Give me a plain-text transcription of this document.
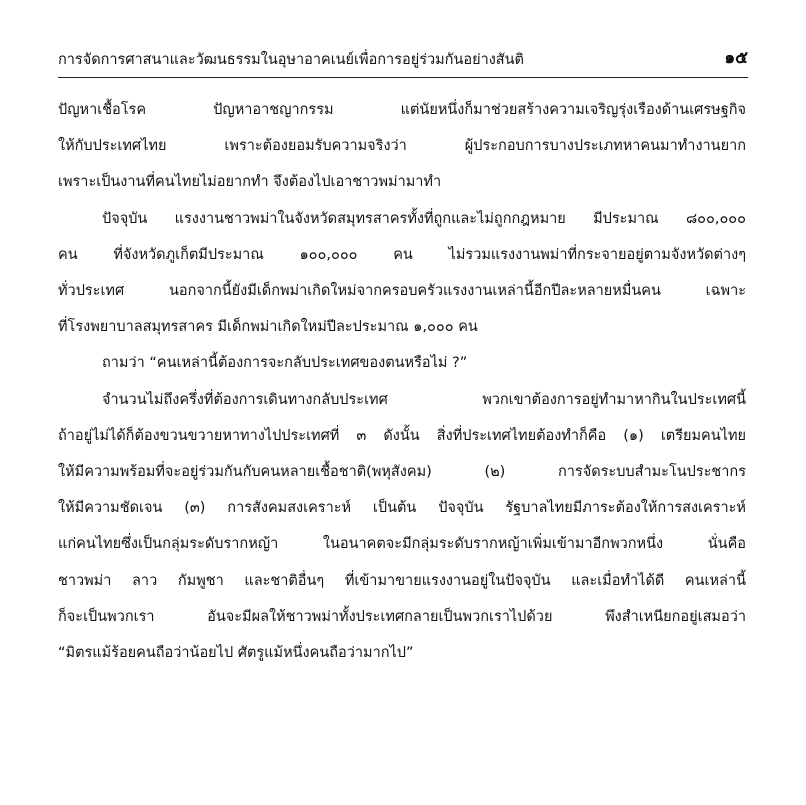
การจัดการศาสนาและวัฒนธรรมในอุษาอาคเนย์เพื่อการอยู่ร่วมกันอย่างสันติ	๑๕

ปัญหาเชื้อโรค ปัญหาอาชญากรรม แต่นัยหนึ่งก็มาช่วยสร้างความเจริญรุ่งเรืองด้านเศรษฐกิจ
ให้กับประเทศไทย เพราะต้องยอมรับความจริงว่า ผู้ประกอบการบางประเภทหาคนมาทำงานยาก
เพราะเป็นงานที่คนไทยไม่อยากทำ จึงต้องไปเอาชาวพม่ามาทำ

ปัจจุบัน แรงงานชาวพม่าในจังหวัดสมุทรสาครทั้งที่ถูกและไม่ถูกกฎหมาย มีประมาณ ๘๐๐,๐๐๐
คน ที่จังหวัดภูเก็ตมีประมาณ ๑๐๐,๐๐๐ คน ไม่รวมแรงงานพม่าที่กระจายอยู่ตามจังหวัดต่างๆ
ทั่วประเทศ นอกจากนี้ยังมีเด็กพม่าเกิดใหม่จากครอบครัวแรงงานเหล่านี้อีกปีละหลายหมื่นคน เฉพาะ
ที่โรงพยาบาลสมุทรสาคร มีเด็กพม่าเกิดใหม่ปีละประมาณ ๑,๐๐๐ คน

ถามว่า “คนเหล่านี้ต้องการจะกลับประเทศของตนหรือไม่ ?”

จำนวนไม่ถึงครึ่งที่ต้องการเดินทางกลับประเทศ พวกเขาต้องการอยู่ทำมาหากินในประเทศนี้
ถ้าอยู่ไม่ได้ก็ต้องขวนขวายหาทางไปประเทศที่ ๓ ดังนั้น สิ่งที่ประเทศไทยต้องทำก็คือ (๑) เตรียมคนไทย
ให้มีความพร้อมที่จะอยู่ร่วมกันกับคนหลายเชื้อชาติ(พหุสังคม) (๒) การจัดระบบสำมะโนประชากร
ให้มีความชัดเจน (๓) การสังคมสงเคราะห์ เป็นต้น ปัจจุบัน รัฐบาลไทยมีภาระต้องให้การสงเคราะห์
แก่คนไทยซึ่งเป็นกลุ่มระดับรากหญ้า ในอนาคตจะมีกลุ่มระดับรากหญ้าเพิ่มเข้ามาอีกพวกหนึ่ง นั่นคือ
ชาวพม่า ลาว กัมพูชา และชาติอื่นๆ ที่เข้ามาขายแรงงานอยู่ในปัจจุบัน และเมื่อทำได้ดี คนเหล่านี้
ก็จะเป็นพวกเรา อันจะมีผลให้ชาวพม่าทั้งประเทศกลายเป็นพวกเราไปด้วย พึงสำเหนียกอยู่เสมอว่า
“มิตรแม้ร้อยคนถือว่าน้อยไป ศัตรูแม้หนึ่งคนถือว่ามากไป”
